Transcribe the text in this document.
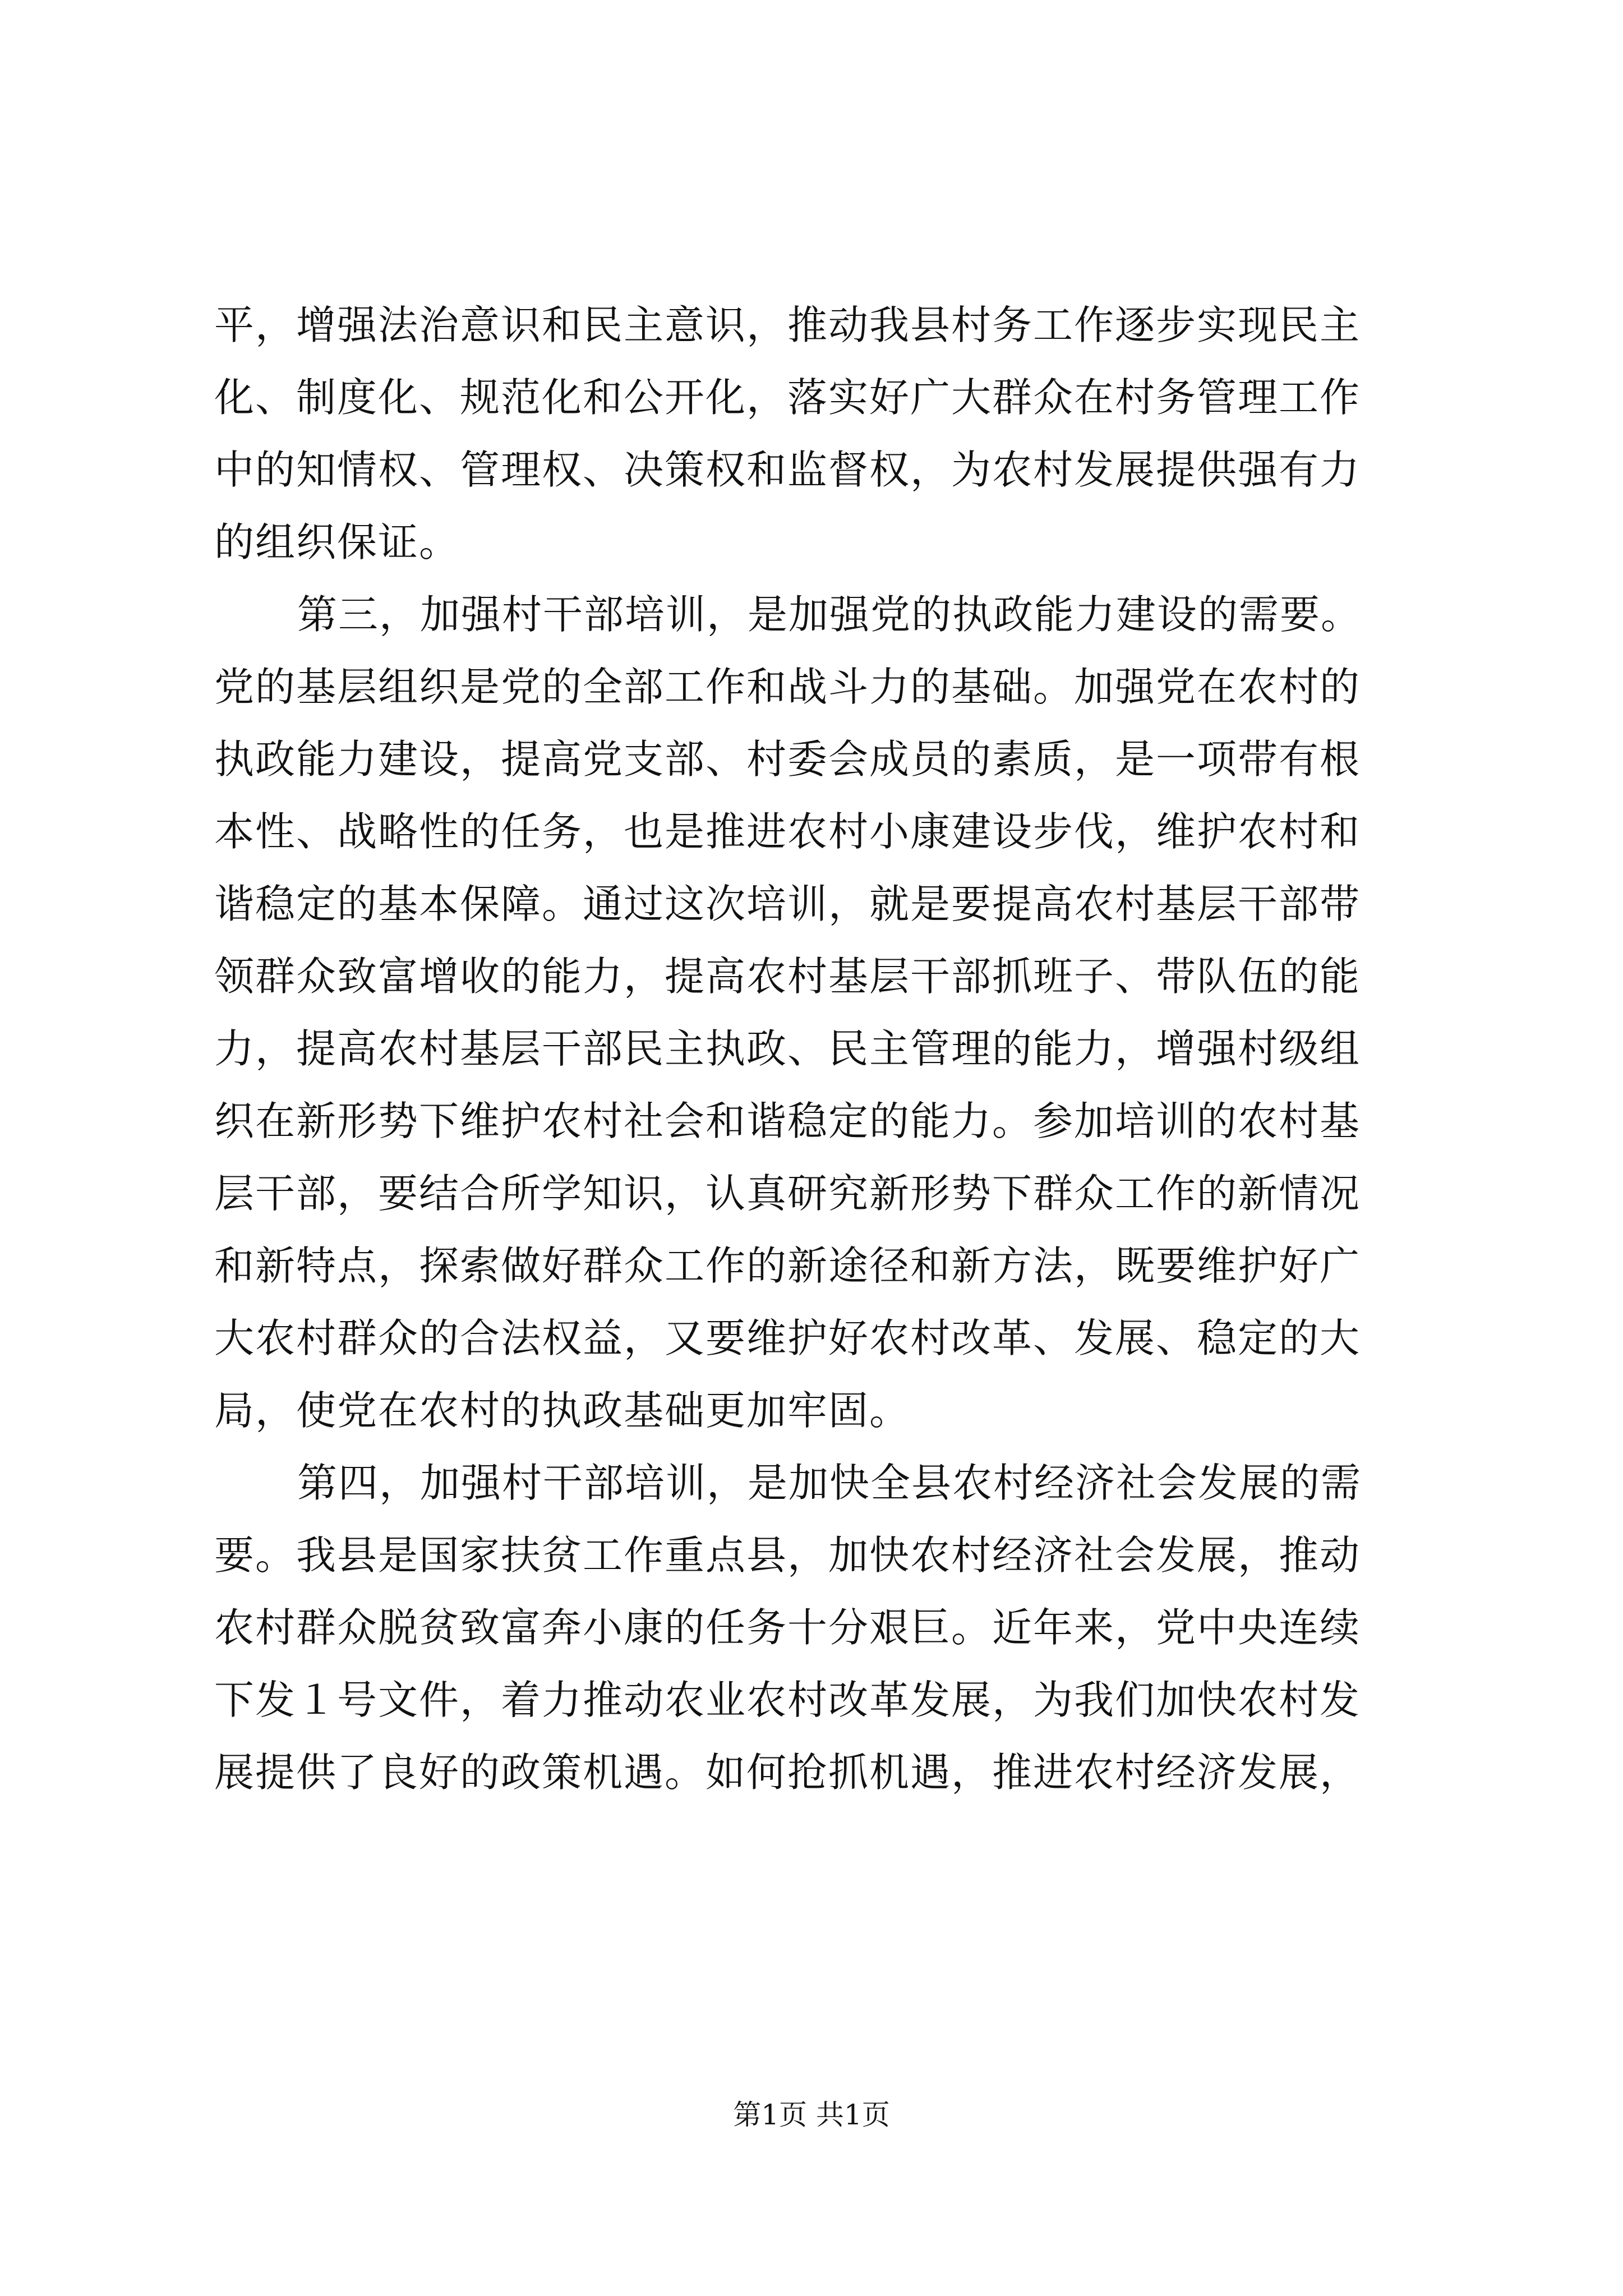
平，增强法治意识和民主意识，推动我县村务工作逐步实现民主
化、制度化、规范化和公开化，落实好广大群众在村务管理工作
中的知情权、管理权、决策权和监督权，为农村发展提供强有力
的组织保证。
第三，加强村干部培训，是加强党的执政能力建设的需要。
党的基层组织是党的全部工作和战斗力的基础。加强党在农村的
执政能力建设，提高党支部、村委会成员的素质，是一项带有根
本性、战略性的任务，也是推进农村小康建设步伐，维护农村和
谐稳定的基本保障。通过这次培训，就是要提高农村基层干部带
领群众致富增收的能力，提高农村基层干部抓班子、带队伍的能
力，提高农村基层干部民主执政、民主管理的能力，增强村级组
织在新形势下维护农村社会和谐稳定的能力。参加培训的农村基
层干部，要结合所学知识，认真研究新形势下群众工作的新情况
和新特点，探索做好群众工作的新途径和新方法，既要维护好广
大农村群众的合法权益，又要维护好农村改革、发展、稳定的大
局，使党在农村的执政基础更加牢固。
第四，加强村干部培训，是加快全县农村经济社会发展的需
要。我县是国家扶贫工作重点县，加快农村经济社会发展，推动
农村群众脱贫致富奔小康的任务十分艰巨。近年来，党中央连续
下发１号文件，着力推动农业农村改革发展，为我们加快农村发
展提供了良好的政策机遇。如何抢抓机遇，推进农村经济发展，
第1页 共1页
